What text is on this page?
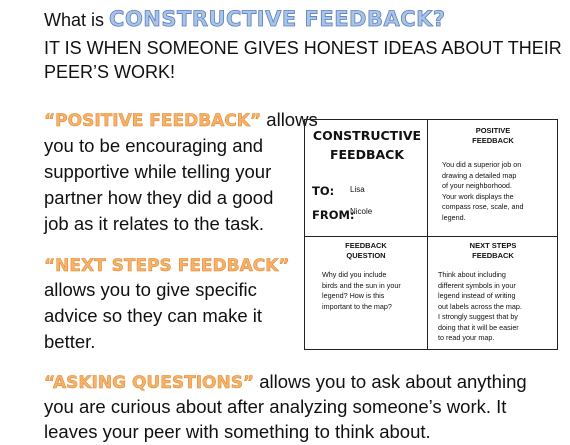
What is CONSTRUCTIVE FEEDBACK?
IT IS WHEN SOMEONE GIVES HONEST IDEAS ABOUT THEIR
PEER’S WORK!
“POSITIVE FEEDBACK” allows
you to be encouraging and
supportive while telling your
partner how they did a good
job as it relates to the task.
“NEXT STEPS FEEDBACK”
allows you to give specific
advice so they can make it
better.
“ASKING QUESTIONS” allows you to ask about anything
you are curious about after analyzing someone’s work. It
leaves your peer with something to think about.
CONSTRUCTIVE
FEEDBACK
TO: Lisa
FROM:
Nicole
POSITIVE
FEEDBACK
You did a superior job on
drawing a detailed map
of your neighborhood.
Your work displays the
compass rose, scale, and
legend.
FEEDBACK
QUESTION
Why did you include
birds and the sun in your
legend? How is this
important to the map?
NEXT STEPS
FEEDBACK
Think about including
different symbols in your
legend instead of writing
out labels across the map.
I strongly suggest that by
doing that it will be easier
to read your map.
